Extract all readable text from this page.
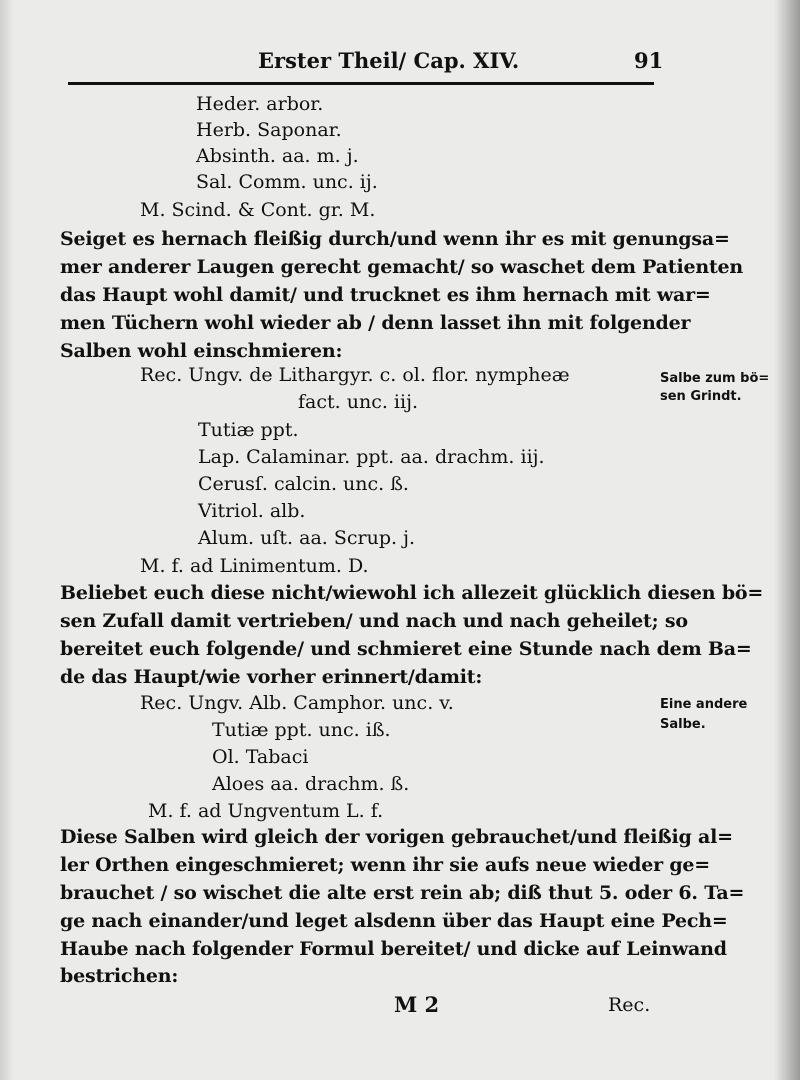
Erster Theil/ Cap. XIV.	91
Heder. arbor.
Herb. Saponar.
Absinth. aa. m. j.
Sal. Comm. unc. ij.
M. Scind. & Cont. gr. M.
Seiget es hernach fleißig durch/und wenn ihr es mit genungsa=
mer anderer Laugen gerecht gemacht/ so waschet dem Patienten
das Haupt wohl damit/ und trucknet es ihm hernach mit war=
men Tüchern wohl wieder ab / denn lasset ihn mit folgender
Salben wohl einschmieren:
Rec. Ungv. de Lithargyr. c. ol. flor. nympheæ
fact. unc. iij.
Tutiæ ppt.
Lap. Calaminar. ppt. aa. drachm. iij.
Cerusſ. calcin. unc. ß.
Vitriol. alb.
Alum. uſt. aa. Scrup. j.
M. f. ad Linimentum. D.
Beliebet euch diese nicht/wiewohl ich allezeit glücklich diesen bö=
sen Zufall damit vertrieben/ und nach und nach geheilet; so
bereitet euch folgende/ und schmieret eine Stunde nach dem Ba=
de das Haupt/wie vorher erinnert/damit:
Rec. Ungv. Alb. Camphor. unc. v.
Tutiæ ppt. unc. iß.
Ol. Tabaci
Aloes aa. drachm. ß.
M. f. ad Ungventum L. f.
Diese Salben wird gleich der vorigen gebrauchet/und fleißig al=
ler Orthen eingeschmieret; wenn ihr sie aufs neue wieder ge=
brauchet / so wischet die alte erst rein ab; diß thut 5. oder 6. Ta=
ge nach einander/und leget alsdenn über das Haupt eine Pech=
Haube nach folgender Formul bereitet/ und dicke auf Leinwand
bestrichen:
M 2	Rec.
Salbe zum bö=
sen Grindt.
Eine andere
Salbe.
